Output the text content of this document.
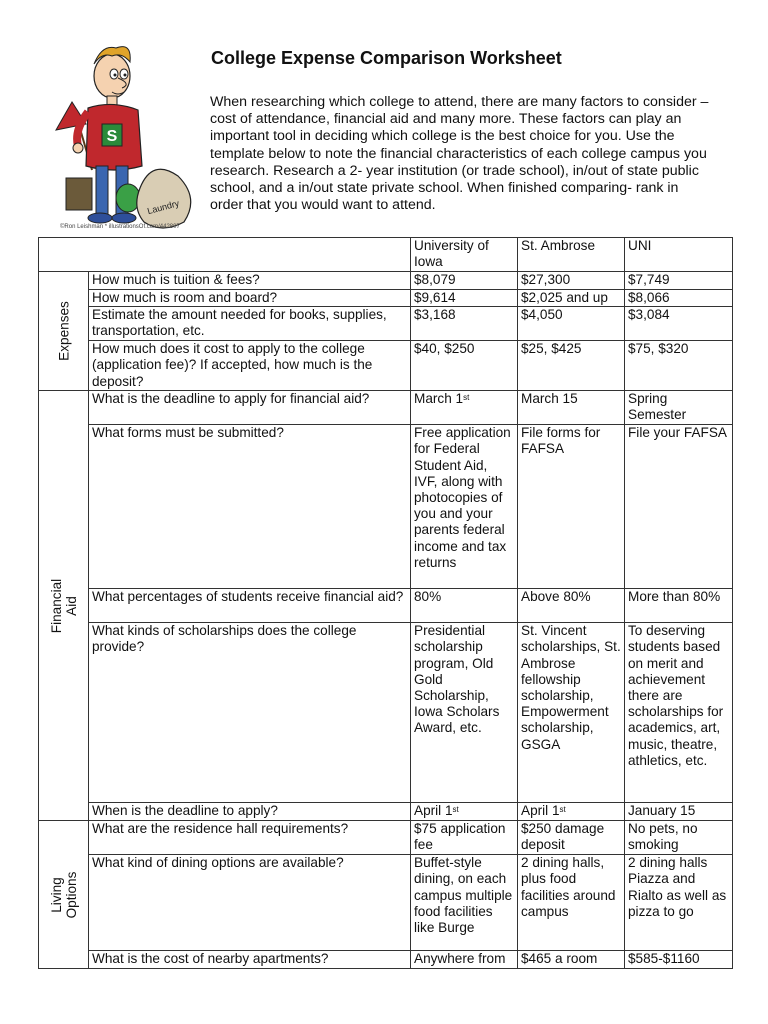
S
Laundry
©Ron Leishman * illustrationsOf.com/442807
College Expense Comparison Worksheet

When researching which college to attend, there are many factors to consider –cost of attendance, financial aid and many more. These factors can play an important tool in deciding which college is the best choice for you. Use the template below to note the financial characteristics of each college campus you research. Research a 2- year institution (or trade school), in/out of state public school, and a in/out state private school. When finished comparing- rank in order that you would want to attend.

		University of Iowa	St. Ambrose	UNI

Expenses	How much is tuition & fees?	$8,079	$27,300	$7,749
	How much is room and board?	$9,614	$2,025 and up	$8,066
	Estimate the amount needed for books, supplies, transportation, etc.	$3,168	$4,050	$3,084
	How much does it cost to apply to the college (application fee)? If accepted, how much is the deposit?	$40, $250	$25, $425	$75, $320

Financial Aid	What is the deadline to apply for financial aid?	March 1st	March 15	Spring Semester
	What forms must be submitted?	Free application for Federal Student Aid, IVF, along with photocopies of you and your parents federal income and tax returns	File forms for FAFSA	File your FAFSA
	What percentages of students receive financial aid?	80%	Above 80%	More than 80%
	What kinds of scholarships does the college provide?	Presidential scholarship program, Old Gold Scholarship, Iowa Scholars Award, etc.	St. Vincent scholarships, St. Ambrose fellowship scholarship, Empowerment scholarship, GSGA	To deserving students based on merit and achievement there are scholarships for academics, art, music, theatre, athletics, etc.
	When is the deadline to apply?	April 1st	April 1st	January 15

Living Options	What are the residence hall requirements?	$75 application fee	$250 damage deposit	No pets, no smoking
	What kind of dining options are available?	Buffet-style dining, on each campus multiple food facilities like Burge	2 dining halls, plus food facilities around campus	2 dining halls Piazza and Rialto as well as pizza to go
	What is the cost of nearby apartments?	Anywhere from	$465 a room	$585-$1160
